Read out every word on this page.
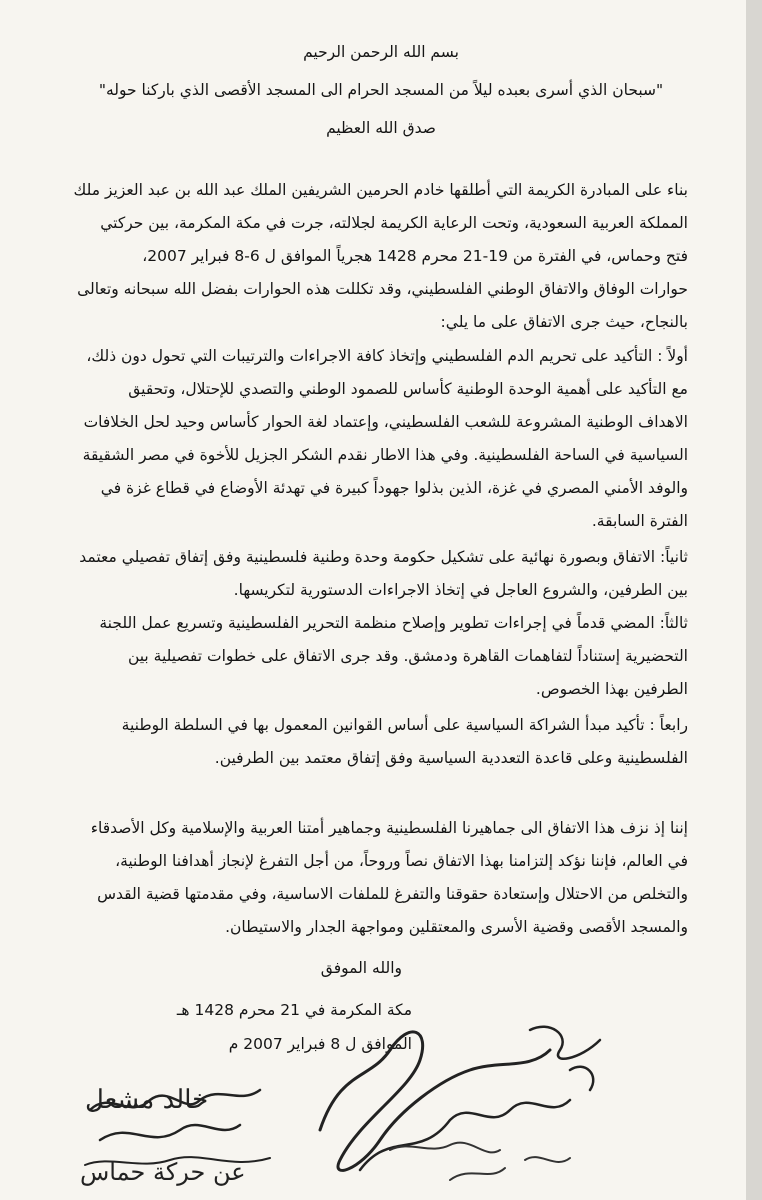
بسم الله الرحمن الرحيم
"سبحان الذي أسرى بعبده ليلاً من المسجد الحرام الى المسجد الأقصى الذي باركنا حوله"
صدق الله العظيم
بناء على المبادرة الكريمة التي أطلقها خادم الحرمين الشريفين الملك عبد الله بن عبد العزيز ملك
المملكة العربية السعودية، وتحت الرعاية الكريمة لجلالته، جرت في مكة المكرمة، بين حركتي
فتح وحماس، في الفترة من 19-21 محرم 1428 هجرياً الموافق ل 6-8 فبراير 2007،
حوارات الوفاق والاتفاق الوطني الفلسطيني، وقد تكللت هذه الحوارات بفضل الله سبحانه وتعالى
بالنجاح، حيث جرى الاتفاق على ما يلي:
أولاً : التأكيد على تحريم الدم الفلسطيني وإتخاذ كافة الاجراءات والترتيبات التي تحول دون ذلك،
مع التأكيد على أهمية الوحدة الوطنية كأساس للصمود الوطني والتصدي للإحتلال، وتحقيق
الاهداف الوطنية المشروعة للشعب الفلسطيني، وإعتماد لغة الحوار كأساس وحيد لحل الخلافات
السياسية في الساحة الفلسطينية. وفي هذا الاطار نقدم الشكر الجزيل للأخوة في مصر الشقيقة
والوفد الأمني المصري في غزة، الذين بذلوا جهوداً كبيرة في تهدئة الأوضاع في قطاع غزة في
الفترة السابقة.
ثانياً: الاتفاق وبصورة نهائية على تشكيل حكومة وحدة وطنية فلسطينية وفق إتفاق تفصيلي معتمد
بين الطرفين، والشروع العاجل في إتخاذ الاجراءات الدستورية لتكريسها.
ثالثاً: المضي قدماً في إجراءات تطوير وإصلاح منظمة التحرير الفلسطينية وتسريع عمل اللجنة
التحضيرية إستناداً لتفاهمات القاهرة ودمشق. وقد جرى الاتفاق على خطوات تفصيلية بين
الطرفين بهذا الخصوص.
رابعاً : تأكيد مبدأ الشراكة السياسية على أساس القوانين المعمول بها في السلطة الوطنية
الفلسطينية وعلى قاعدة التعددية السياسية وفق إتفاق معتمد بين الطرفين.
إننا إذ نزف هذا الاتفاق الى جماهيرنا الفلسطينية وجماهير أمتنا العربية والإسلامية وكل الأصدقاء
في العالم، فإننا نؤكد إلتزامنا بهذا الاتفاق نصاً وروحاً، من أجل التفرغ لإنجاز أهدافنا الوطنية،
والتخلص من الاحتلال وإستعادة حقوقنا والتفرغ للملفات الاساسية، وفي مقدمتها قضية القدس
والمسجد الأقصى وقضية الأسرى والمعتقلين ومواجهة الجدار والاستيطان.
والله الموفق
مكة المكرمة في 21 محرم 1428 هـ
الموافق ل 8 فبراير 2007 م
خالد مشعل
عن حركة حماس
